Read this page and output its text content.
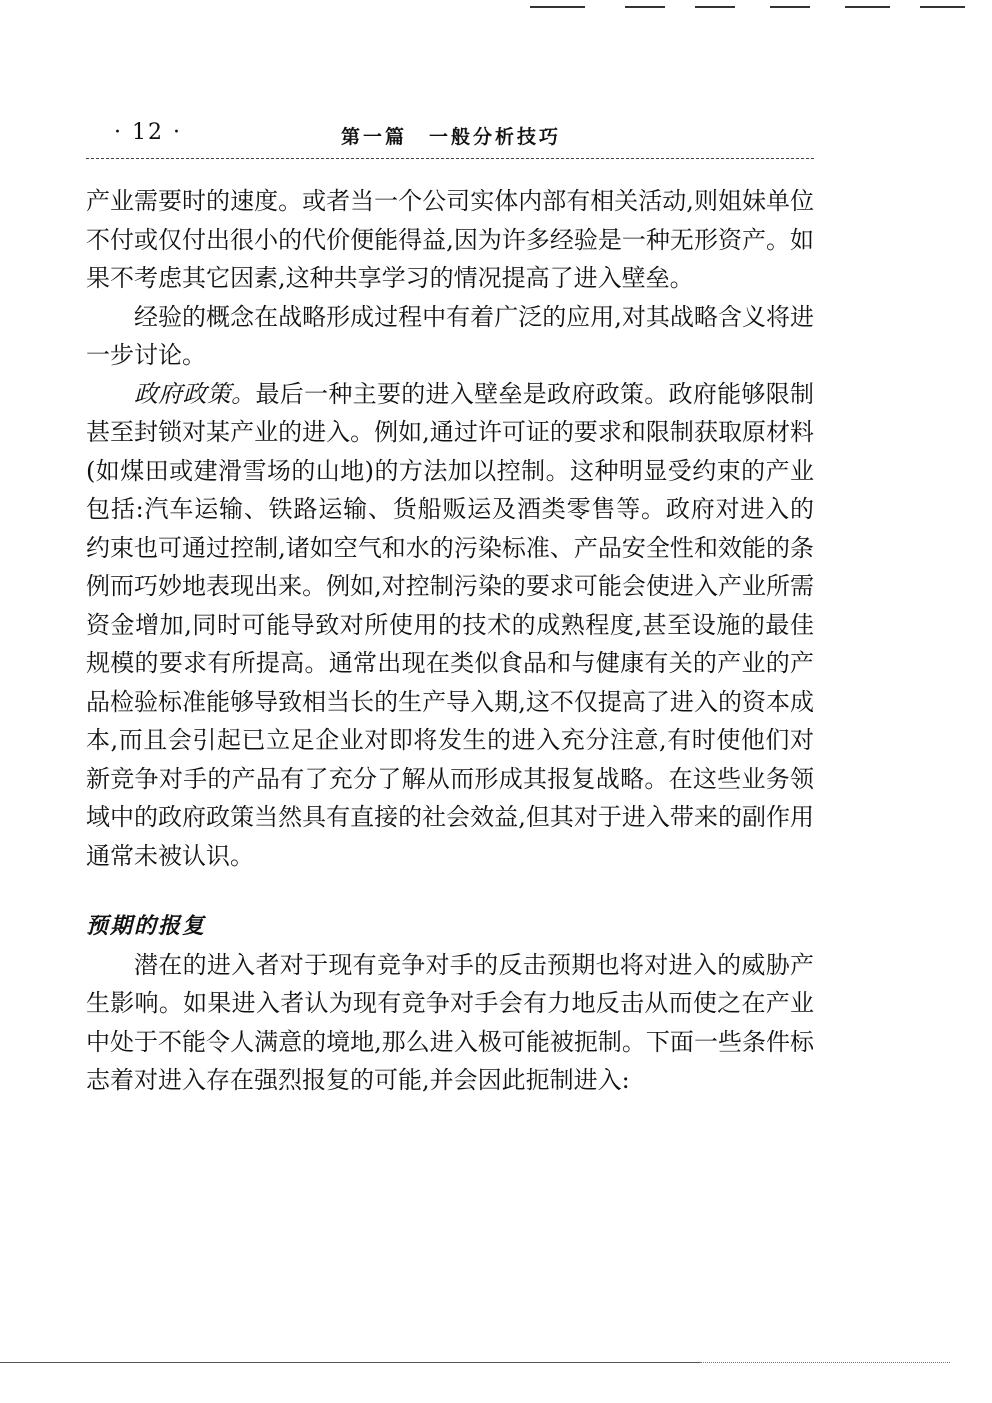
· 12 ·	第一篇　一般分析技巧

产业需要时的速度。或者当一个公司实体内部有相关活动,则姐妹单位不付或仅付出很小的代价便能得益,因为许多经验是一种无形资产。如果不考虑其它因素,这种共享学习的情况提高了进入壁垒。

经验的概念在战略形成过程中有着广泛的应用,对其战略含义将进一步讨论。

政府政策。最后一种主要的进入壁垒是政府政策。政府能够限制甚至封锁对某产业的进入。例如,通过许可证的要求和限制获取原材料(如煤田或建滑雪场的山地)的方法加以控制。这种明显受约束的产业包括:汽车运输、铁路运输、货船贩运及酒类零售等。政府对进入的约束也可通过控制,诸如空气和水的污染标准、产品安全性和效能的条例而巧妙地表现出来。例如,对控制污染的要求可能会使进入产业所需资金增加,同时可能导致对所使用的技术的成熟程度,甚至设施的最佳规模的要求有所提高。通常出现在类似食品和与健康有关的产业的产品检验标准能够导致相当长的生产导入期,这不仅提高了进入的资本成本,而且会引起已立足企业对即将发生的进入充分注意,有时使他们对新竞争对手的产品有了充分了解从而形成其报复战略。在这些业务领域中的政府政策当然具有直接的社会效益,但其对于进入带来的副作用通常未被认识。

预期的报复

潜在的进入者对于现有竞争对手的反击预期也将对进入的威胁产生影响。如果进入者认为现有竞争对手会有力地反击从而使之在产业中处于不能令人满意的境地,那么进入极可能被扼制。下面一些条件标志着对进入存在强烈报复的可能,并会因此扼制进入:
